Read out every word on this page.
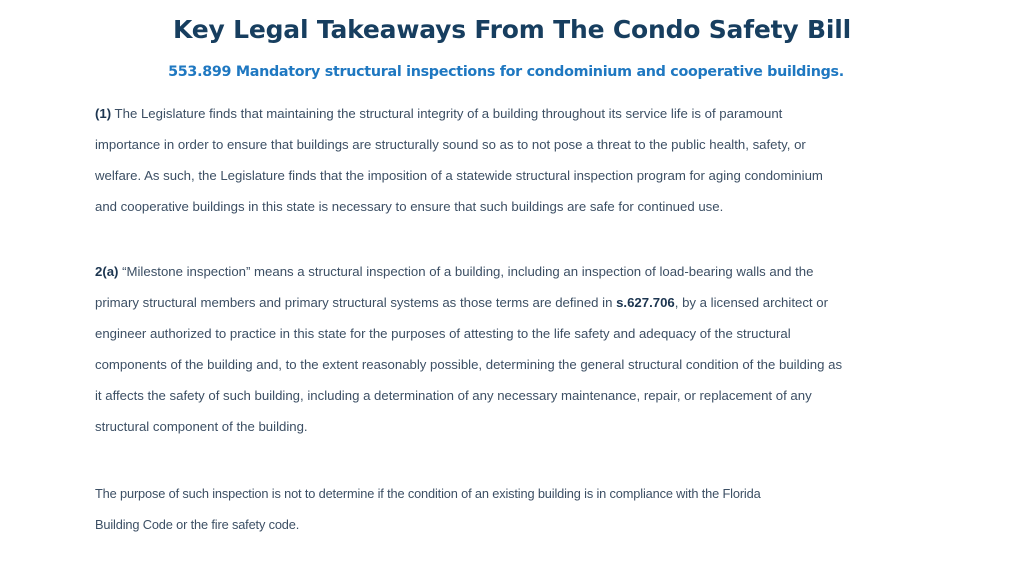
Key Legal Takeaways From The Condo Safety Bill
553.899 Mandatory structural inspections for condominium and cooperative buildings.
(1) The Legislature finds that maintaining the structural integrity of a building throughout its service life is of paramount
importance in order to ensure that buildings are structurally sound so as to not pose a threat to the public health, safety, or
welfare. As such, the Legislature finds that the imposition of a statewide structural inspection program for aging condominium
and cooperative buildings in this state is necessary to ensure that such buildings are safe for continued use.
2(a) “Milestone inspection” means a structural inspection of a building, including an inspection of load-bearing walls and the
primary structural members and primary structural systems as those terms are defined in s.627.706, by a licensed architect or
engineer authorized to practice in this state for the purposes of attesting to the life safety and adequacy of the structural
components of the building and, to the extent reasonably possible, determining the general structural condition of the building as
it affects the safety of such building, including a determination of any necessary maintenance, repair, or replacement of any
structural component of the building.
The purpose of such inspection is not to determine if the condition of an existing building is in compliance with the Florida
Building Code or the fire safety code.
